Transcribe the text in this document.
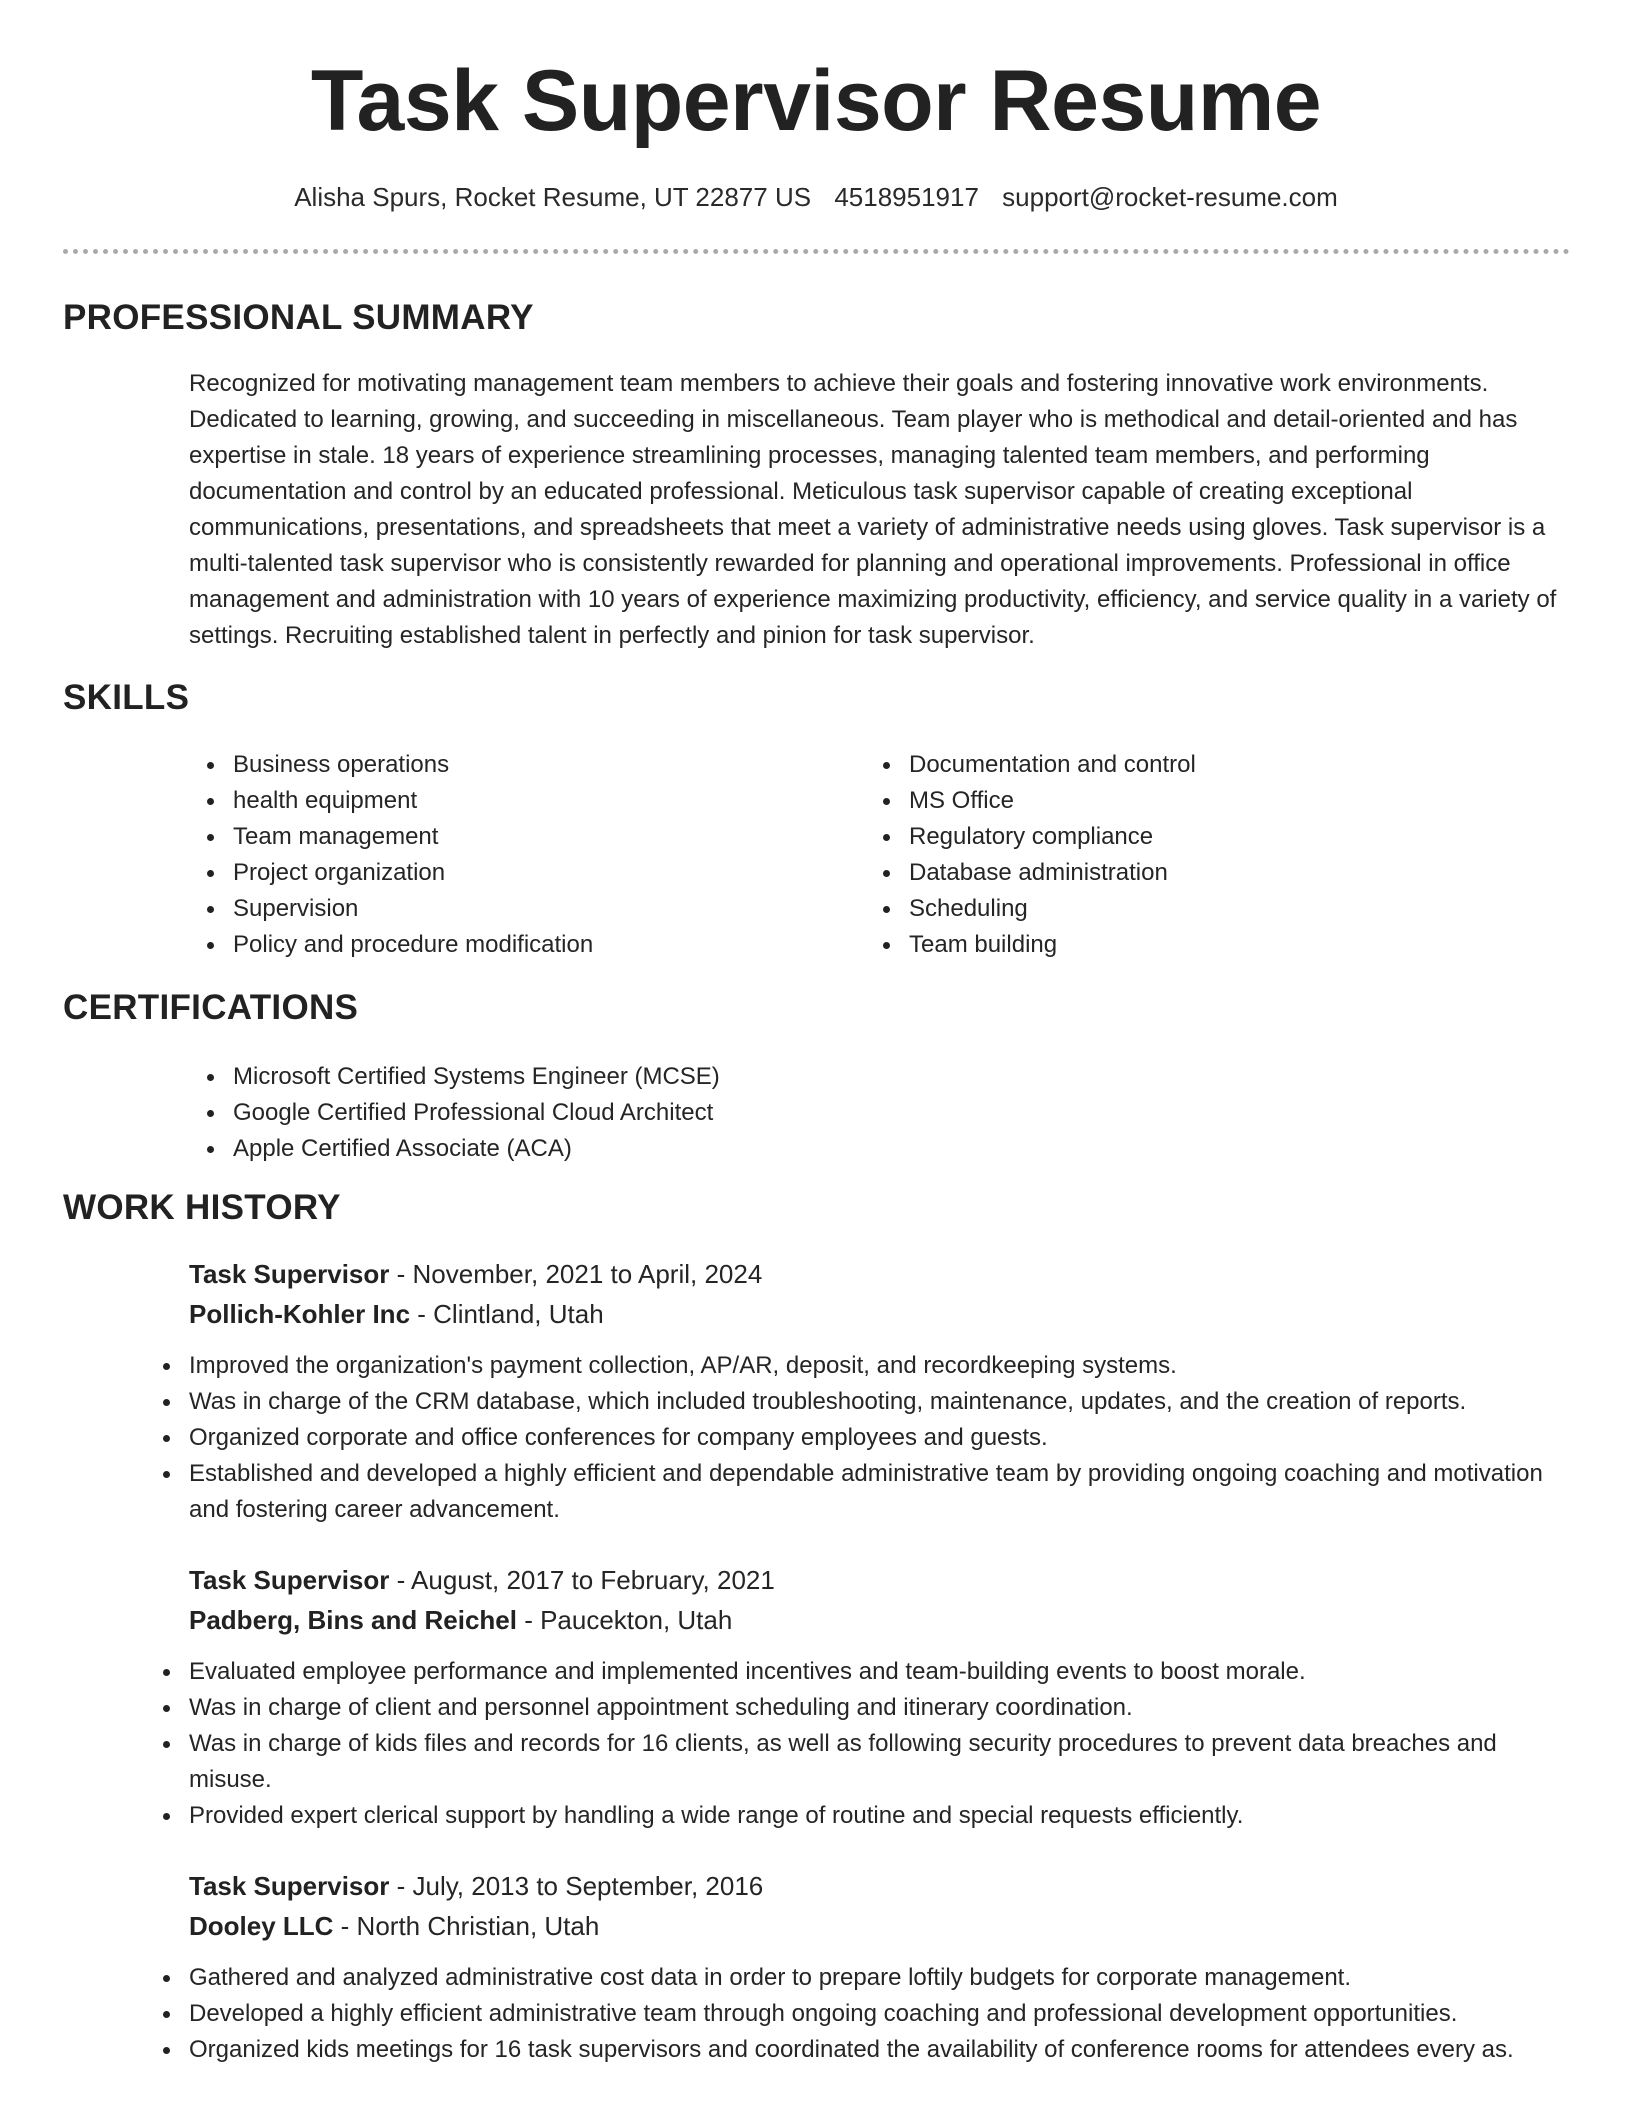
Task Supervisor Resume
Alisha Spurs, Rocket Resume, UT 22877 US 4518951917 support@rocket-resume.com
PROFESSIONAL SUMMARY
Recognized for motivating management team members to achieve their goals and fostering innovative work environments. Dedicated to learning, growing, and succeeding in miscellaneous. Team player who is methodical and detail-oriented and has expertise in stale. 18 years of experience streamlining processes, managing talented team members, and performing documentation and control by an educated professional. Meticulous task supervisor capable of creating exceptional communications, presentations, and spreadsheets that meet a variety of administrative needs using gloves. Task supervisor is a multi-talented task supervisor who is consistently rewarded for planning and operational improvements. Professional in office management and administration with 10 years of experience maximizing productivity, efficiency, and service quality in a variety of settings. Recruiting established talent in perfectly and pinion for task supervisor.
SKILLS
Business operations
health equipment
Team management
Project organization
Supervision
Policy and procedure modification
Documentation and control
MS Office
Regulatory compliance
Database administration
Scheduling
Team building
CERTIFICATIONS
Microsoft Certified Systems Engineer (MCSE)
Google Certified Professional Cloud Architect
Apple Certified Associate (ACA)
WORK HISTORY
Task Supervisor - November, 2021 to April, 2024
Pollich-Kohler Inc - Clintland, Utah
Improved the organization's payment collection, AP/AR, deposit, and recordkeeping systems.
Was in charge of the CRM database, which included troubleshooting, maintenance, updates, and the creation of reports.
Organized corporate and office conferences for company employees and guests.
Established and developed a highly efficient and dependable administrative team by providing ongoing coaching and motivation and fostering career advancement.
Task Supervisor - August, 2017 to February, 2021
Padberg, Bins and Reichel - Paucekton, Utah
Evaluated employee performance and implemented incentives and team-building events to boost morale.
Was in charge of client and personnel appointment scheduling and itinerary coordination.
Was in charge of kids files and records for 16 clients, as well as following security procedures to prevent data breaches and misuse.
Provided expert clerical support by handling a wide range of routine and special requests efficiently.
Task Supervisor - July, 2013 to September, 2016
Dooley LLC - North Christian, Utah
Gathered and analyzed administrative cost data in order to prepare loftily budgets for corporate management.
Developed a highly efficient administrative team through ongoing coaching and professional development opportunities.
Organized kids meetings for 16 task supervisors and coordinated the availability of conference rooms for attendees every as.
